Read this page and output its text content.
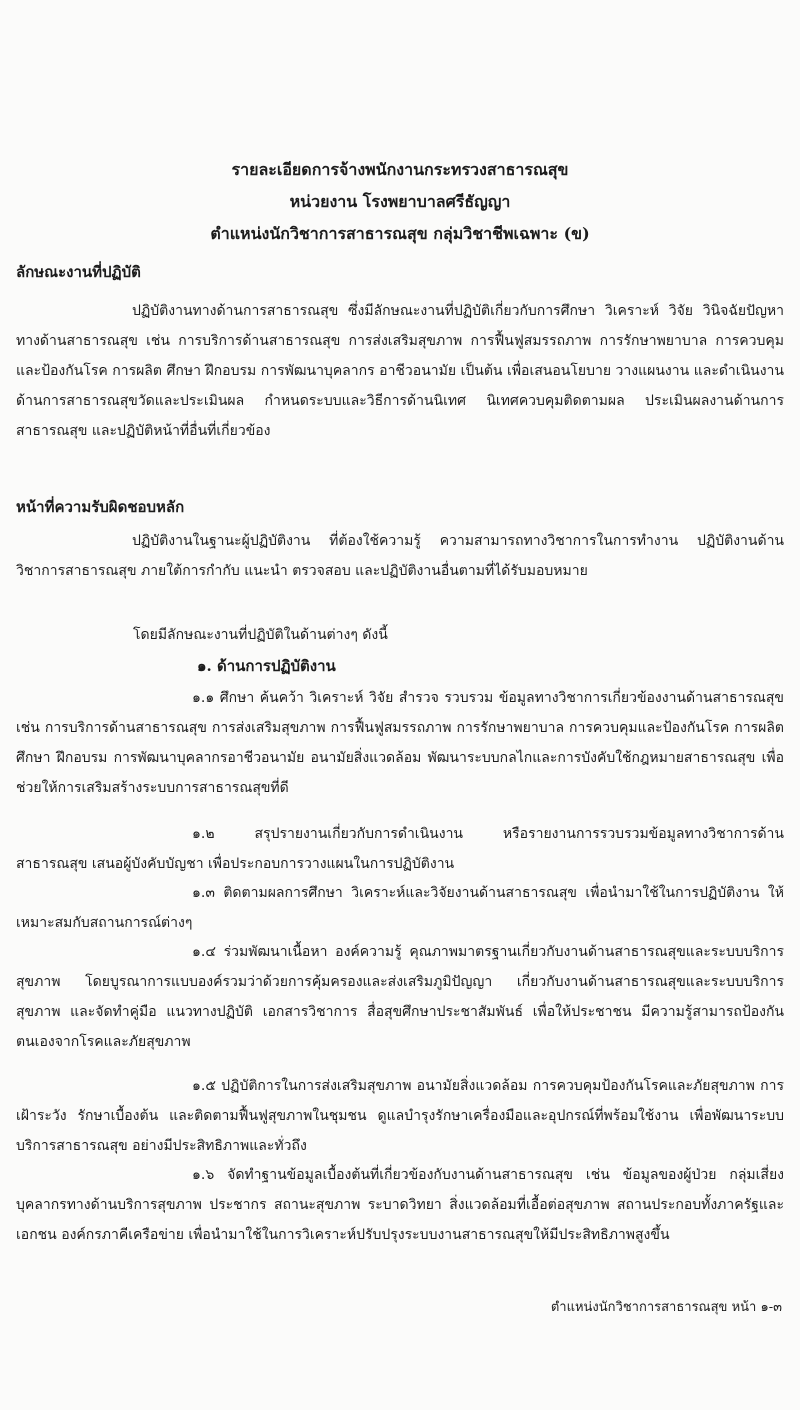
รายละเอียดการจ้างพนักงานกระทรวงสาธารณสุข
หน่วยงาน โรงพยาบาลศรีธัญญา
ตำแหน่งนักวิชาการสาธารณสุข กลุ่มวิชาชีพเฉพาะ (ข)
ลักษณะงานที่ปฏิบัติ

ปฏิบัติงานทางด้านการสาธารณสุข ซึ่งมีลักษณะงานที่ปฏิบัติเกี่ยวกับการศึกษา วิเคราะห์ วิจัย วินิจฉัยปัญหาทางด้านสาธารณสุข เช่น การบริการด้านสาธารณสุข การส่งเสริมสุขภาพ การฟื้นฟูสมรรถภาพ การรักษาพยาบาล การควบคุมและป้องกันโรค การผลิต ศึกษา ฝึกอบรม การพัฒนาบุคลากร อาชีวอนามัย เป็นต้น เพื่อเสนอนโยบาย วางแผนงาน และดำเนินงานด้านการสาธารณสุขวัดและประเมินผล กำหนดระบบและวิธีการด้านนิเทศ นิเทศควบคุมติดตามผล ประเมินผลงานด้านการสาธารณสุข และปฏิบัติหน้าที่อื่นที่เกี่ยวข้อง

หน้าที่ความรับผิดชอบหลัก

ปฏิบัติงานในฐานะผู้ปฏิบัติงาน ที่ต้องใช้ความรู้ ความสามารถทางวิชาการในการทำงาน ปฏิบัติงานด้านวิชาการสาธารณสุข ภายใต้การกำกับ แนะนำ ตรวจสอบ และปฏิบัติงานอื่นตามที่ได้รับมอบหมาย

โดยมีลักษณะงานที่ปฏิบัติในด้านต่างๆ ดังนี้
๑. ด้านการปฏิบัติงาน

๑.๑ ศึกษา ค้นคว้า วิเคราะห์ วิจัย สำรวจ รวบรวม ข้อมูลทางวิชาการเกี่ยวข้องงานด้านสาธารณสุข เช่น การบริการด้านสาธารณสุข การส่งเสริมสุขภาพ การฟื้นฟูสมรรถภาพ การรักษาพยาบาล การควบคุมและป้องกันโรค การผลิต ศึกษา ฝึกอบรม การพัฒนาบุคลากรอาชีวอนามัย อนามัยสิ่งแวดล้อม พัฒนาระบบกลไกและการบังคับใช้กฎหมายสาธารณสุข เพื่อช่วยให้การเสริมสร้างระบบการสาธารณสุขที่ดี

๑.๒ สรุปรายงานเกี่ยวกับการดำเนินงาน หรือรายงานการรวบรวมข้อมูลทางวิชาการด้านสาธารณสุข เสนอผู้บังคับบัญชา เพื่อประกอบการวางแผนในการปฏิบัติงาน

๑.๓ ติดตามผลการศึกษา วิเคราะห์และวิจัยงานด้านสาธารณสุข เพื่อนำมาใช้ในการปฏิบัติงาน ให้เหมาะสมกับสถานการณ์ต่างๆ

๑.๔ ร่วมพัฒนาเนื้อหา องค์ความรู้ คุณภาพมาตรฐานเกี่ยวกับงานด้านสาธารณสุขและระบบบริการสุขภาพ โดยบูรณาการแบบองค์รวมว่าด้วยการคุ้มครองและส่งเสริมภูมิปัญญา เกี่ยวกับงานด้านสาธารณสุขและระบบบริการสุขภาพ และจัดทำคู่มือ แนวทางปฏิบัติ เอกสารวิชาการ สื่อสุขศึกษาประชาสัมพันธ์ เพื่อให้ประชาชน มีความรู้สามารถป้องกันตนเองจากโรคและภัยสุขภาพ

๑.๕ ปฏิบัติการในการส่งเสริมสุขภาพ อนามัยสิ่งแวดล้อม การควบคุมป้องกันโรคและภัยสุขภาพ การเฝ้าระวัง รักษาเบื้องต้น และติดตามฟื้นฟูสุขภาพในชุมชน ดูแลบำรุงรักษาเครื่องมือและอุปกรณ์ที่พร้อมใช้งาน เพื่อพัฒนาระบบบริการสาธารณสุข อย่างมีประสิทธิภาพและทั่วถึง

๑.๖ จัดทำฐานข้อมูลเบื้องต้นที่เกี่ยวข้องกับงานด้านสาธารณสุข เช่น ข้อมูลของผู้ป่วย กลุ่มเสี่ยง บุคลากรทางด้านบริการสุขภาพ ประชากร สถานะสุขภาพ ระบาดวิทยา สิ่งแวดล้อมที่เอื้อต่อสุขภาพ สถานประกอบทั้งภาครัฐและเอกชน องค์กรภาคีเครือข่าย เพื่อนำมาใช้ในการวิเคราะห์ปรับปรุงระบบงานสาธารณสุขให้มีประสิทธิภาพสูงขึ้น

ตำแหน่งนักวิชาการสาธารณสุข หน้า ๑-๓
